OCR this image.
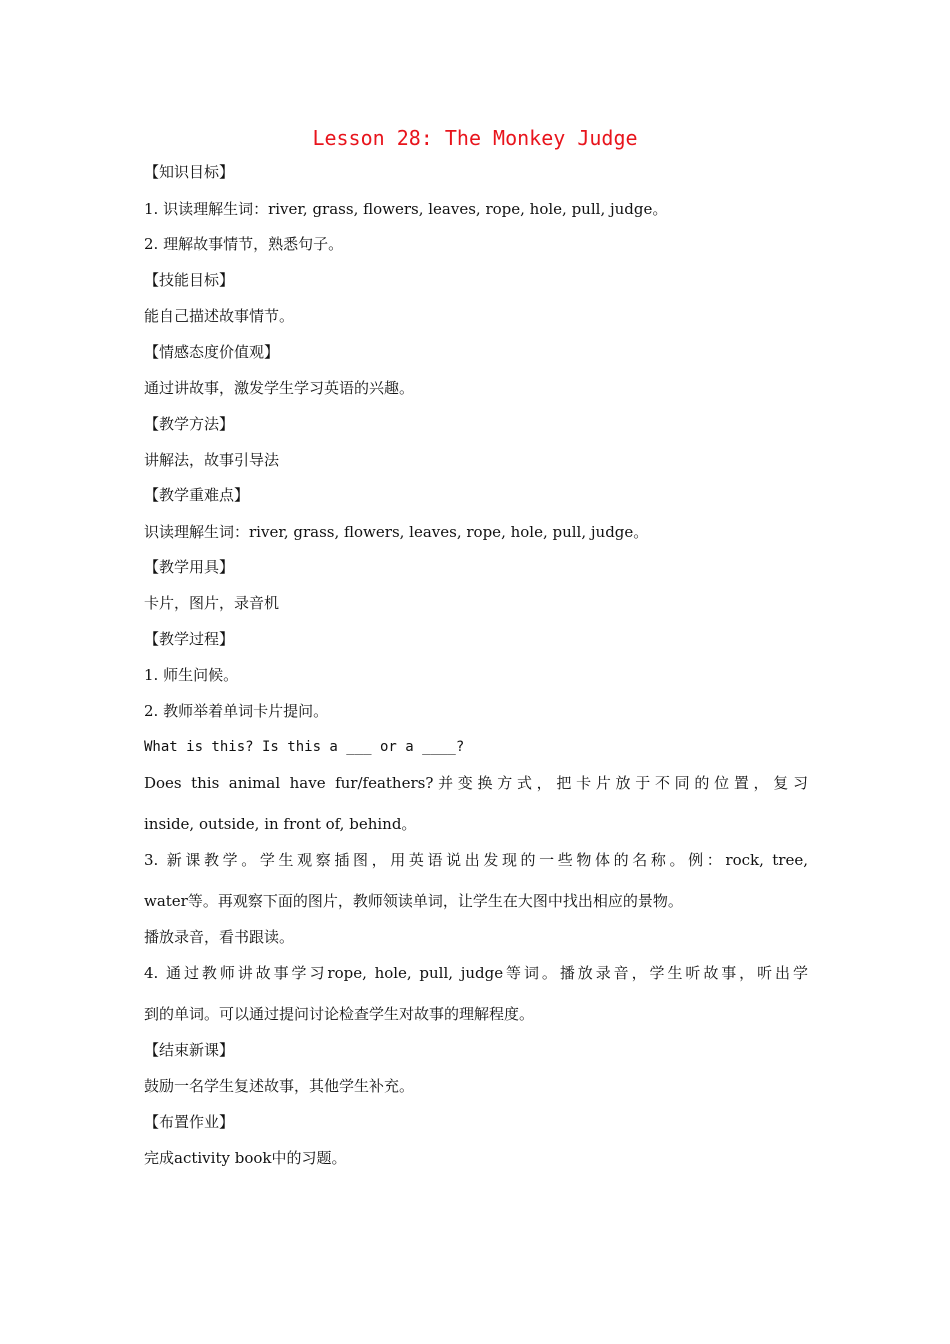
Lesson 28: The Monkey Judge
【知识目标】
1. 识读理解生词：river, grass, flowers, leaves, rope, hole, pull, judge。
2. 理解故事情节，熟悉句子。
【技能目标】
能自己描述故事情节。
【情感态度价值观】
通过讲故事，激发学生学习英语的兴趣。
【教学方法】
讲解法，故事引导法
【教学重难点】
识读理解生词：river, grass, flowers, leaves, rope, hole, pull, judge。
【教学用具】
卡片，图片，录音机
【教学过程】
1. 师生问候。
2. 教师举着单词卡片提问。
What is this? Is this a ___ or a ____?
Does this animal have fur/feathers?并变换方式，把卡片放于不同的位置，复习
inside, outside, in front of, behind。
3. 新课教学。学生观察插图，用英语说出发现的一些物体的名称。例：rock, tree,
water等。再观察下面的图片，教师领读单词，让学生在大图中找出相应的景物。
播放录音，看书跟读。
4. 通过教师讲故事学习rope, hole, pull, judge等词。播放录音，学生听故事，听出学
到的单词。可以通过提问讨论检查学生对故事的理解程度。
【结束新课】
鼓励一名学生复述故事，其他学生补充。
【布置作业】
完成activity book中的习题。
